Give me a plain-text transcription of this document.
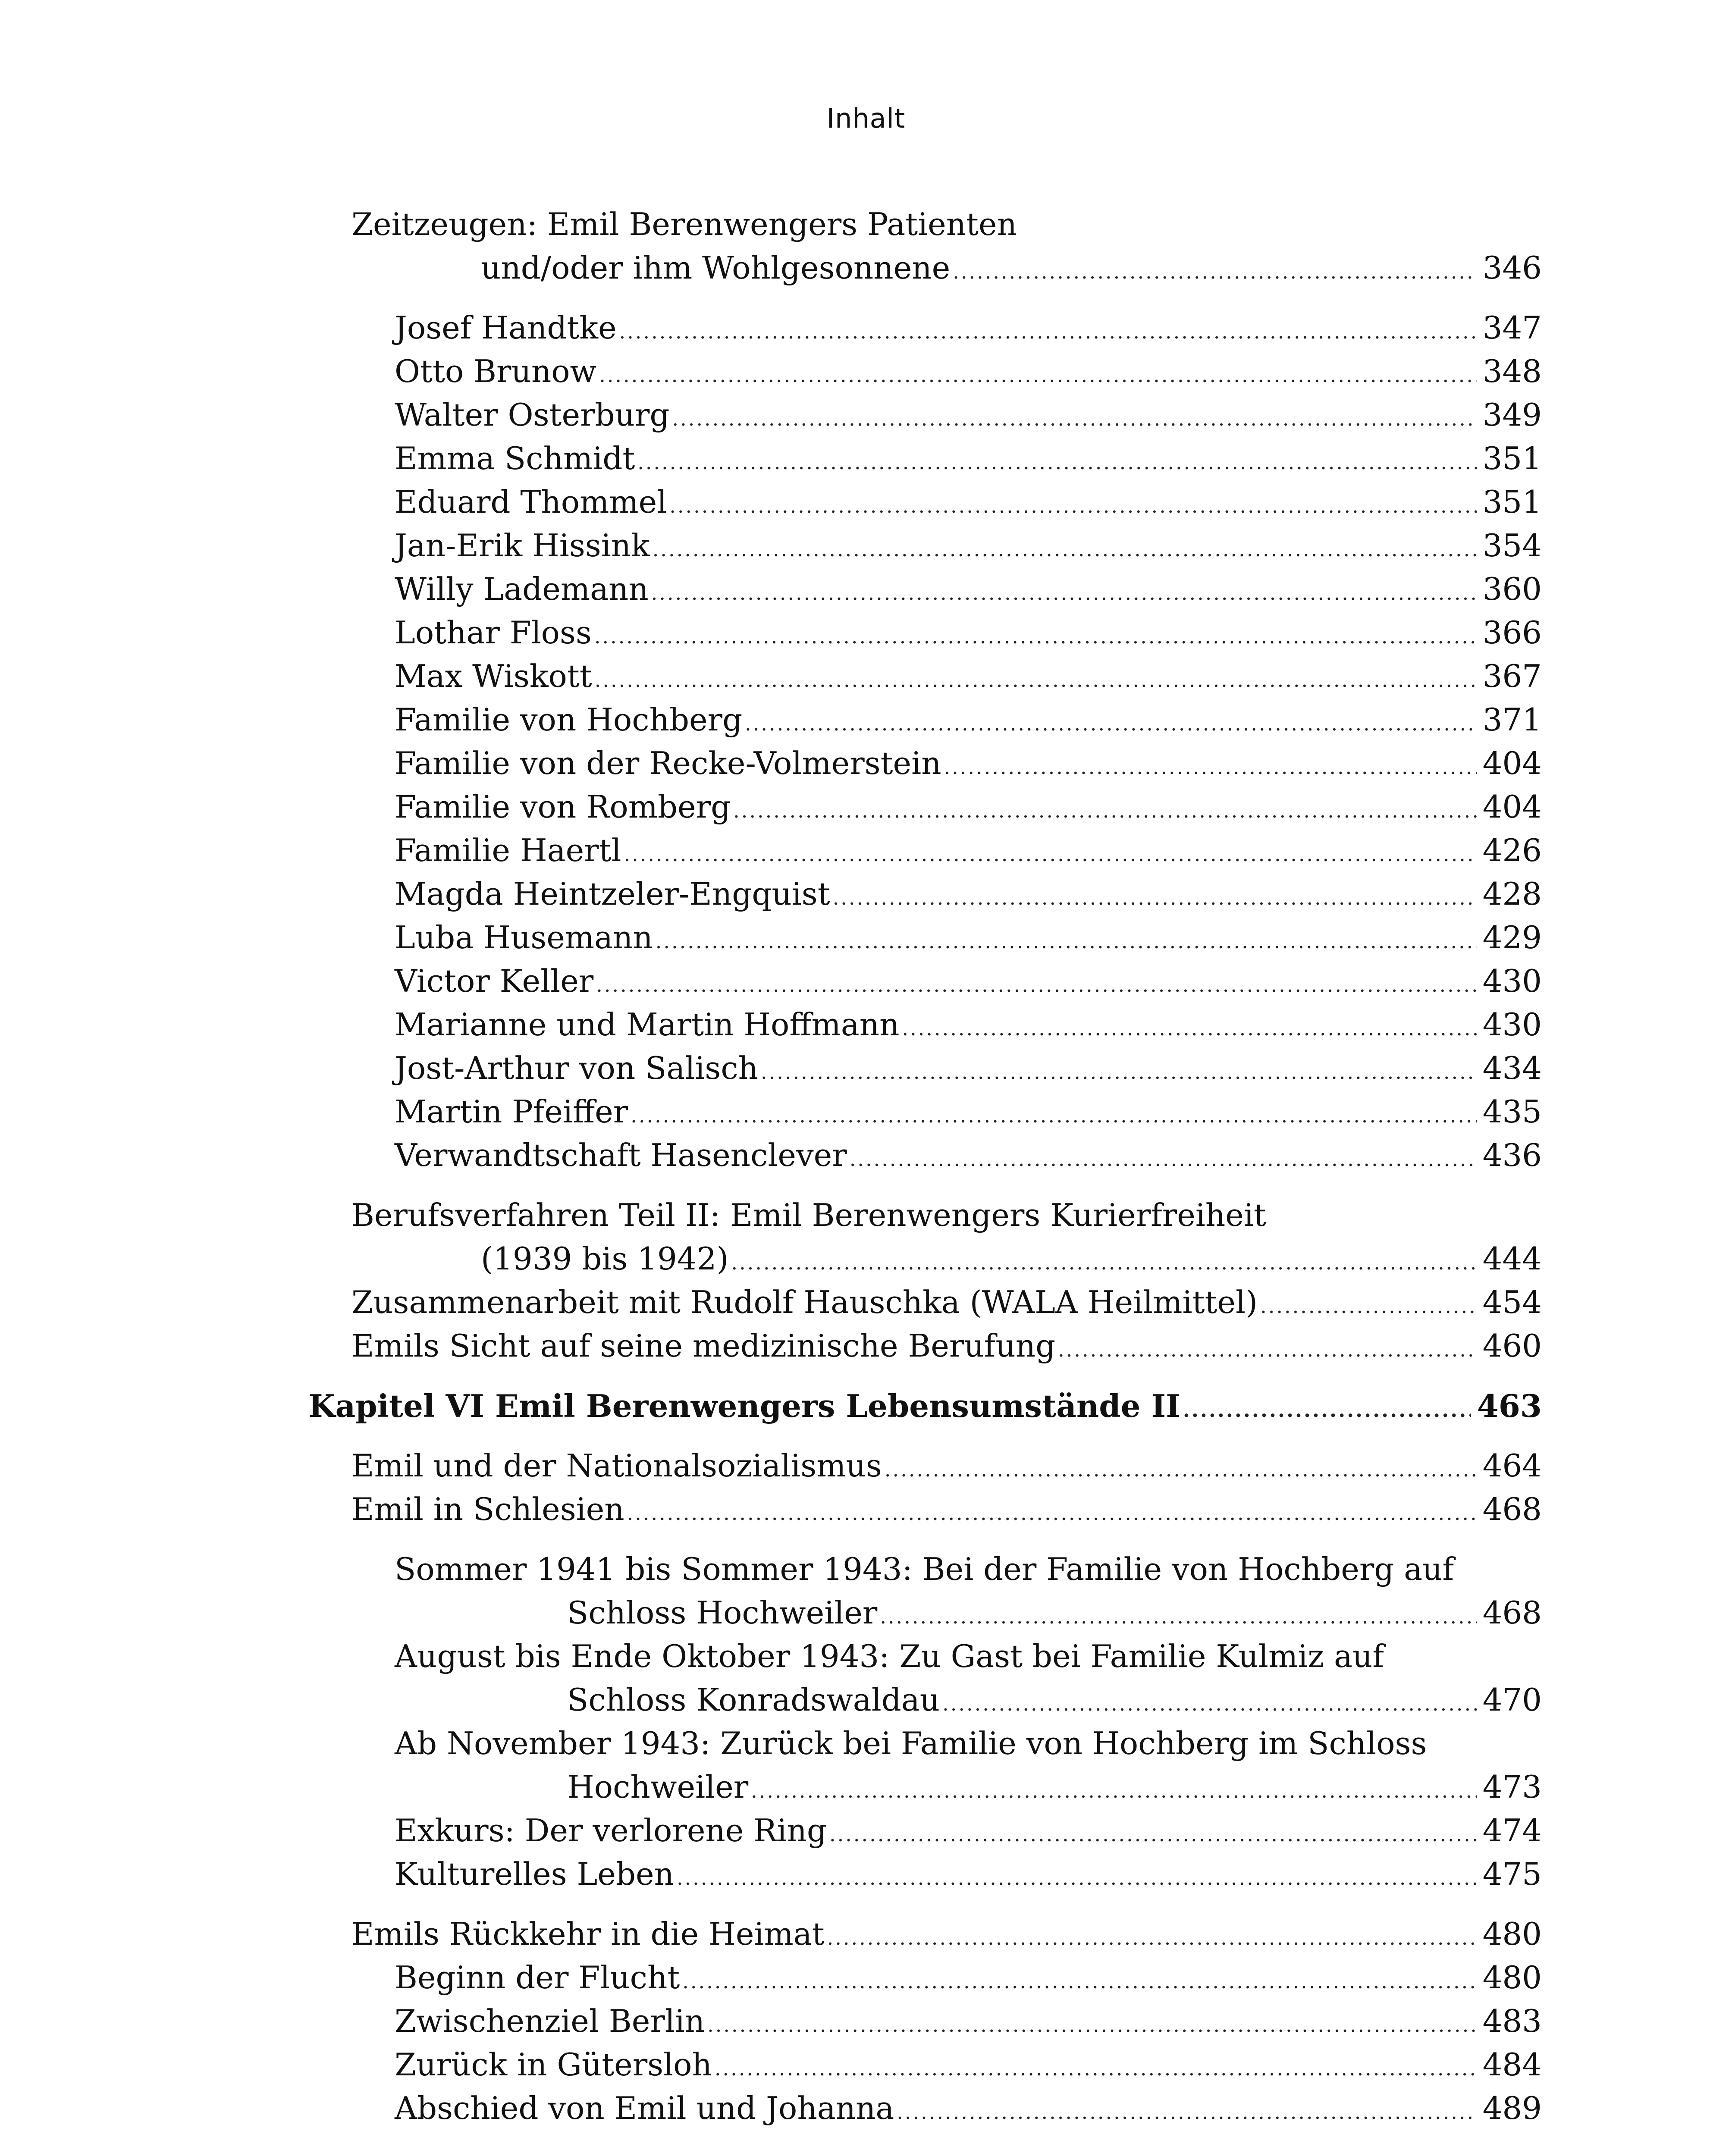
Inhalt
Zeitzeugen: Emil Berenwengers Patienten
und/oder ihm Wohlgesonnene .....	346
Josef Handtke .....	347
Otto Brunow .....	348
Walter Osterburg .....	349
Emma Schmidt .....	351
Eduard Thommel .....	351
Jan-Erik Hissink .....	354
Willy Lademann .....	360
Lothar Floss .....	366
Max Wiskott .....	367
Familie von Hochberg .....	371
Familie von der Recke-Volmerstein .....	404
Familie von Romberg .....	404
Familie Haertl .....	426
Magda Heintzeler-Engquist .....	428
Luba Husemann .....	429
Victor Keller .....	430
Marianne und Martin Hoffmann .....	430
Jost-Arthur von Salisch .....	434
Martin Pfeiffer .....	435
Verwandtschaft Hasenclever .....	436
Berufsverfahren Teil II: Emil Berenwengers Kurierfreiheit
(1939 bis 1942) .....	444
Zusammenarbeit mit Rudolf Hauschka (WALA Heilmittel) .....	454
Emils Sicht auf seine medizinische Berufung .....	460
Kapitel VI Emil Berenwengers Lebensumstände II .....	463
Emil und der Nationalsozialismus .....	464
Emil in Schlesien .....	468
Sommer 1941 bis Sommer 1943: Bei der Familie von Hochberg auf
Schloss Hochweiler .....	468
August bis Ende Oktober 1943: Zu Gast bei Familie Kulmiz auf
Schloss Konradswaldau .....	470
Ab November 1943: Zurück bei Familie von Hochberg im Schloss
Hochweiler .....	473
Exkurs: Der verlorene Ring .....	474
Kulturelles Leben .....	475
Emils Rückkehr in die Heimat .....	480
Beginn der Flucht .....	480
Zwischenziel Berlin .....	483
Zurück in Gütersloh .....	484
Abschied von Emil und Johanna .....	489
